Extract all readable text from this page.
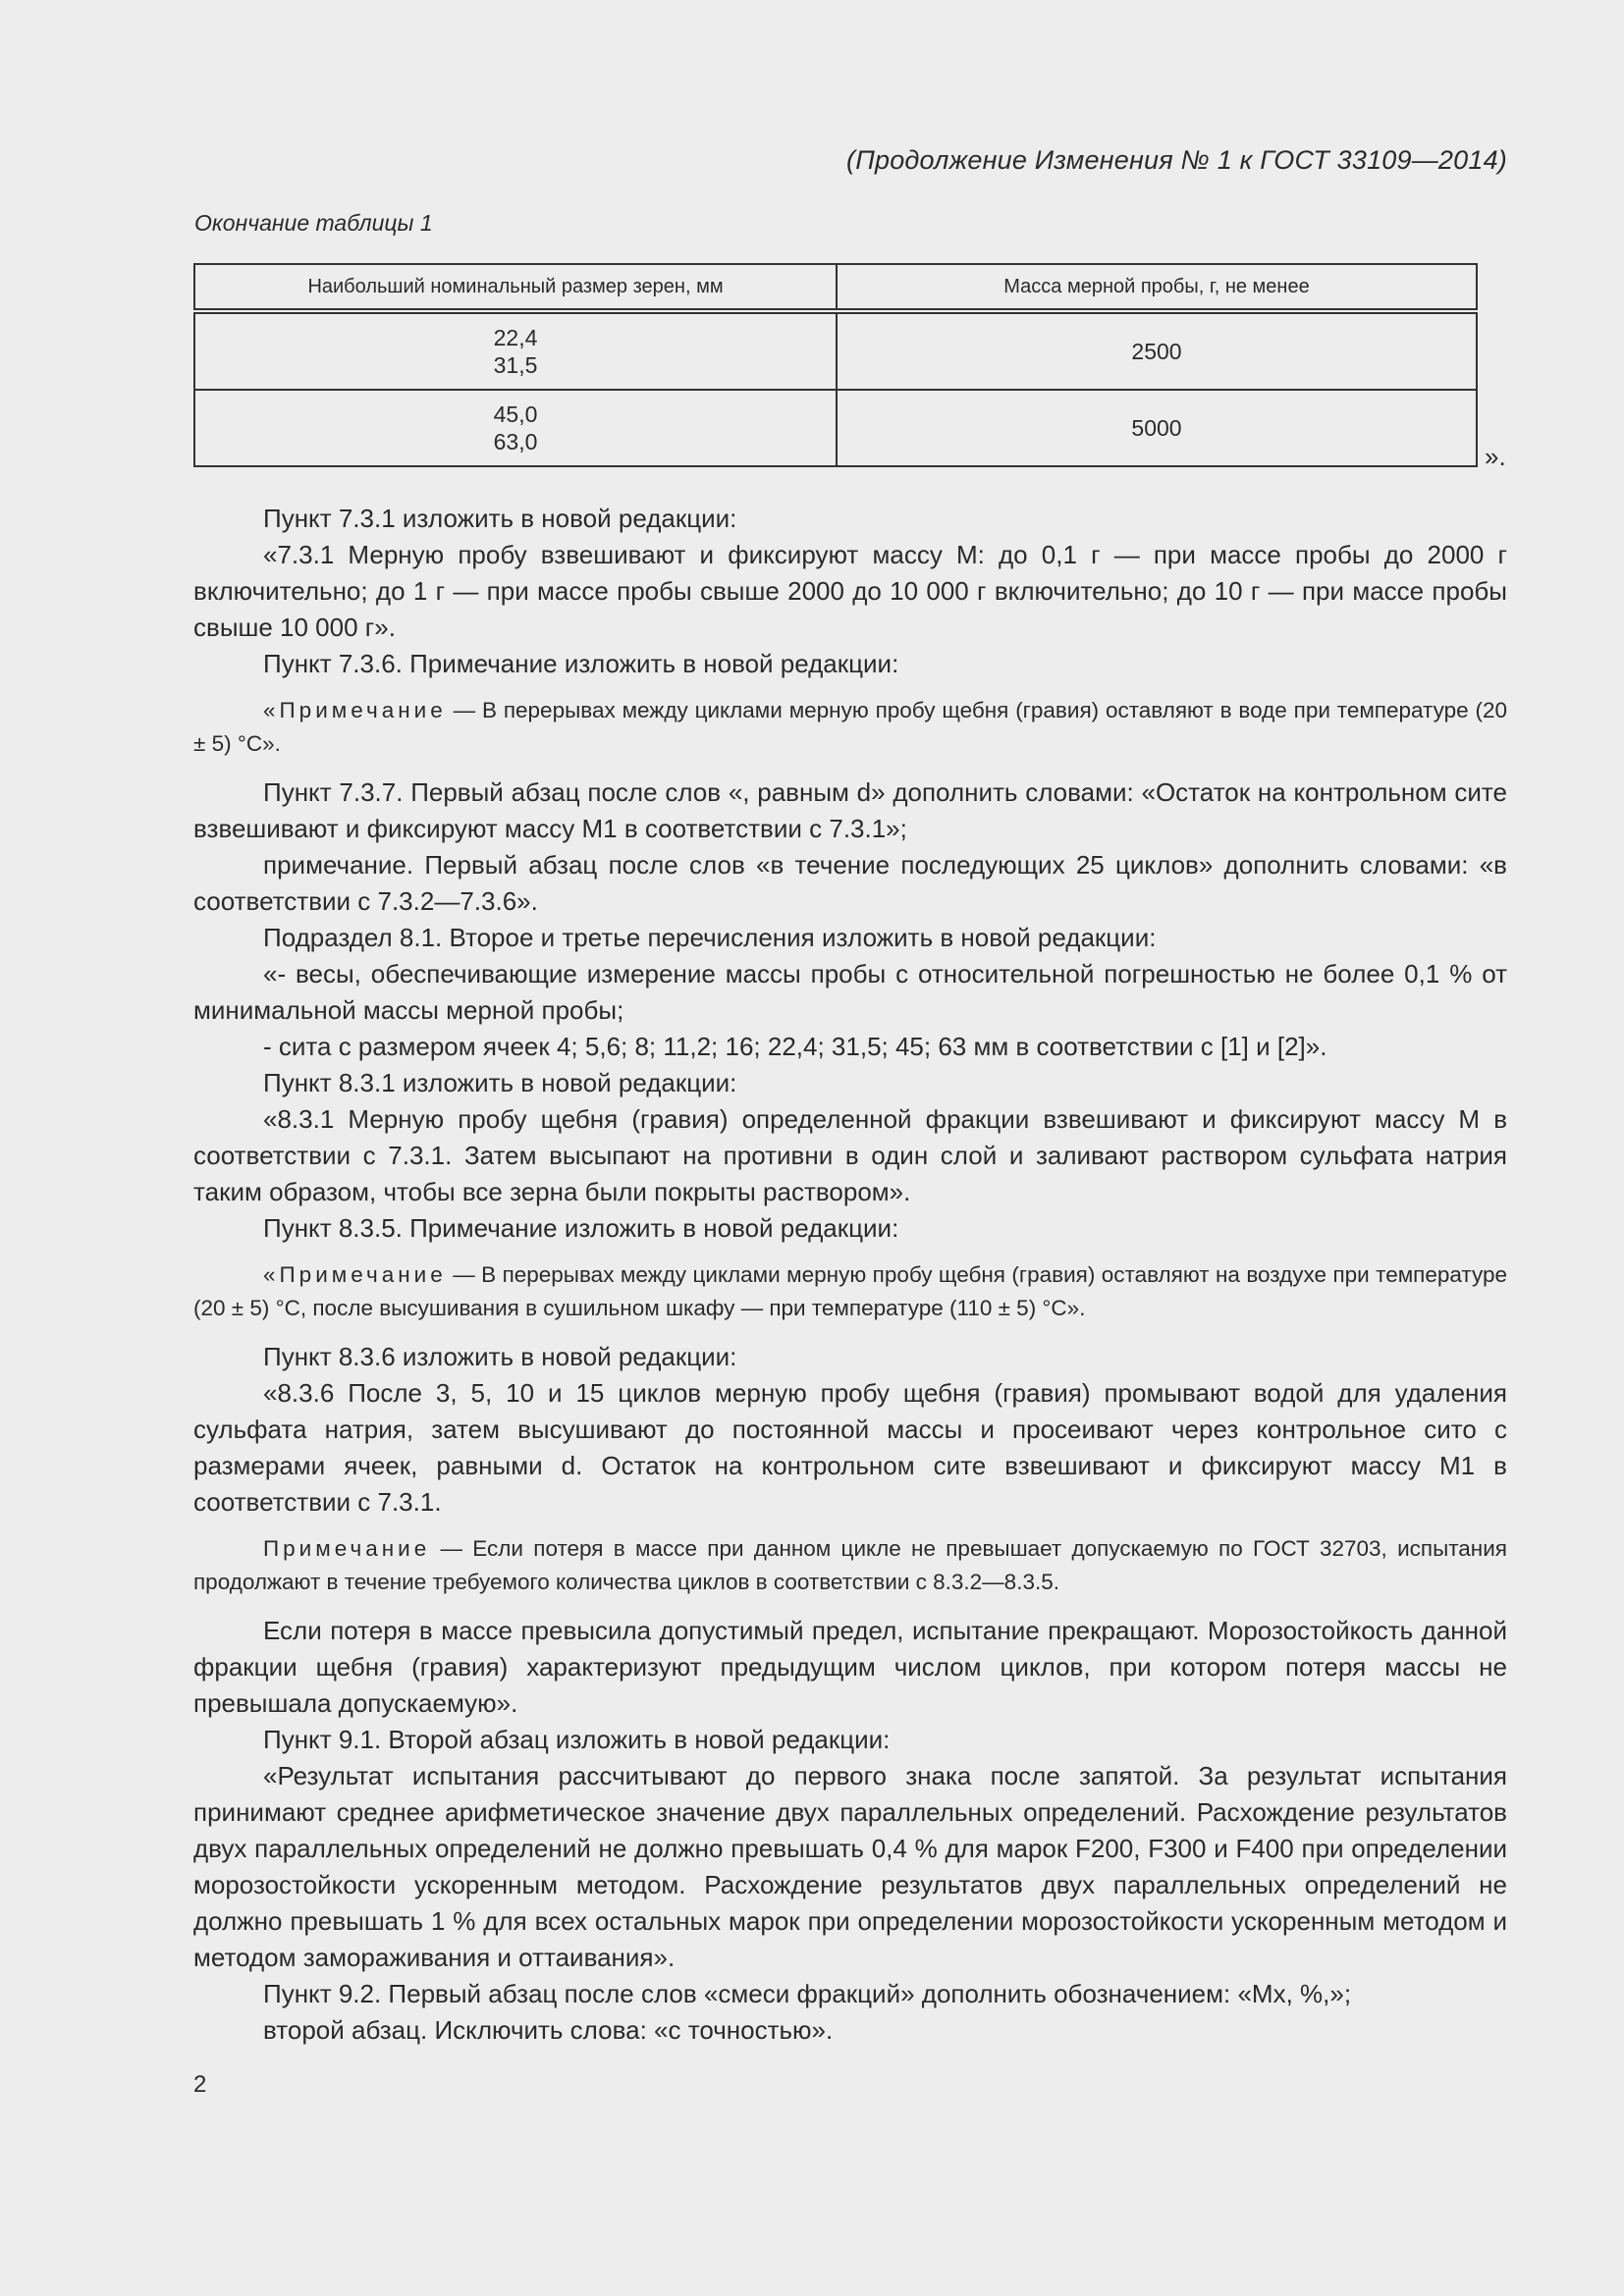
(Продолжение Изменения № 1 к ГОСТ 33109—2014)
Окончание таблицы 1
Наибольший номинальный размер зерен, мм	Масса мерной пробы, г, не менее

22,4
31,5	2500

45,0
63,0	5000
».

Пункт 7.3.1 изложить в новой редакции:

«7.3.1 Мерную пробу взвешивают и фиксируют массу M: до 0,1 г — при массе пробы до 2000 г включительно; до 1 г — при массе пробы свыше 2000 до 10 000 г включительно; до 10 г — при массе пробы свыше 10 000 г».

Пункт 7.3.6. Примечание изложить в новой редакции:

«Примечание — В перерывах между циклами мерную пробу щебня (гравия) оставляют в воде при температуре (20 ± 5) °С».

Пункт 7.3.7. Первый абзац после слов «, равным d» дополнить словами: «Остаток на контрольном сите взвешивают и фиксируют массу M1 в соответствии с 7.3.1»;

примечание. Первый абзац после слов «в течение последующих 25 циклов» дополнить словами: «в соответствии с 7.3.2—7.3.6».

Подраздел 8.1. Второе и третье перечисления изложить в новой редакции:

«- весы, обеспечивающие измерение массы пробы с относительной погрешностью не более 0,1 % от минимальной массы мерной пробы;

- сита с размером ячеек 4; 5,6; 8; 11,2; 16; 22,4; 31,5; 45; 63 мм в соответствии с [1] и [2]».

Пункт 8.3.1 изложить в новой редакции:

«8.3.1 Мерную пробу щебня (гравия) определенной фракции взвешивают и фиксируют массу M в соответствии с 7.3.1. Затем высыпают на противни в один слой и заливают раствором сульфата натрия таким образом, чтобы все зерна были покрыты раствором».

Пункт 8.3.5. Примечание изложить в новой редакции:

«Примечание — В перерывах между циклами мерную пробу щебня (гравия) оставляют на воздухе при температуре (20 ± 5) °С, после высушивания в сушильном шкафу — при температуре (110 ± 5) °С».

Пункт 8.3.6 изложить в новой редакции:

«8.3.6 После 3, 5, 10 и 15 циклов мерную пробу щебня (гравия) промывают водой для удаления сульфата натрия, затем высушивают до постоянной массы и просеивают через контрольное сито с размерами ячеек, равными d. Остаток на контрольном сите взвешивают и фиксируют массу M1 в соответствии с 7.3.1.

Примечание — Если потеря в массе при данном цикле не превышает допускаемую по ГОСТ 32703, испытания продолжают в течение требуемого количества циклов в соответствии с 8.3.2—8.3.5.

Если потеря в массе превысила допустимый предел, испытание прекращают. Морозостойкость данной фракции щебня (гравия) характеризуют предыдущим числом циклов, при котором потеря массы не превышала допускаемую».

Пункт 9.1. Второй абзац изложить в новой редакции:

«Результат испытания рассчитывают до первого знака после запятой. За результат испытания принимают среднее арифметическое значение двух параллельных определений. Расхождение результатов двух параллельных определений не должно превышать 0,4 % для марок F200, F300 и F400 при определении морозостойкости ускоренным методом. Расхождение результатов двух параллельных определений не должно превышать 1 % для всех остальных марок при определении морозостойкости ускоренным методом и методом замораживания и оттаивания».

Пункт 9.2. Первый абзац после слов «смеси фракций» дополнить обозначением: «Mx, %,»;

второй абзац. Исключить слова: «с точностью».

2
